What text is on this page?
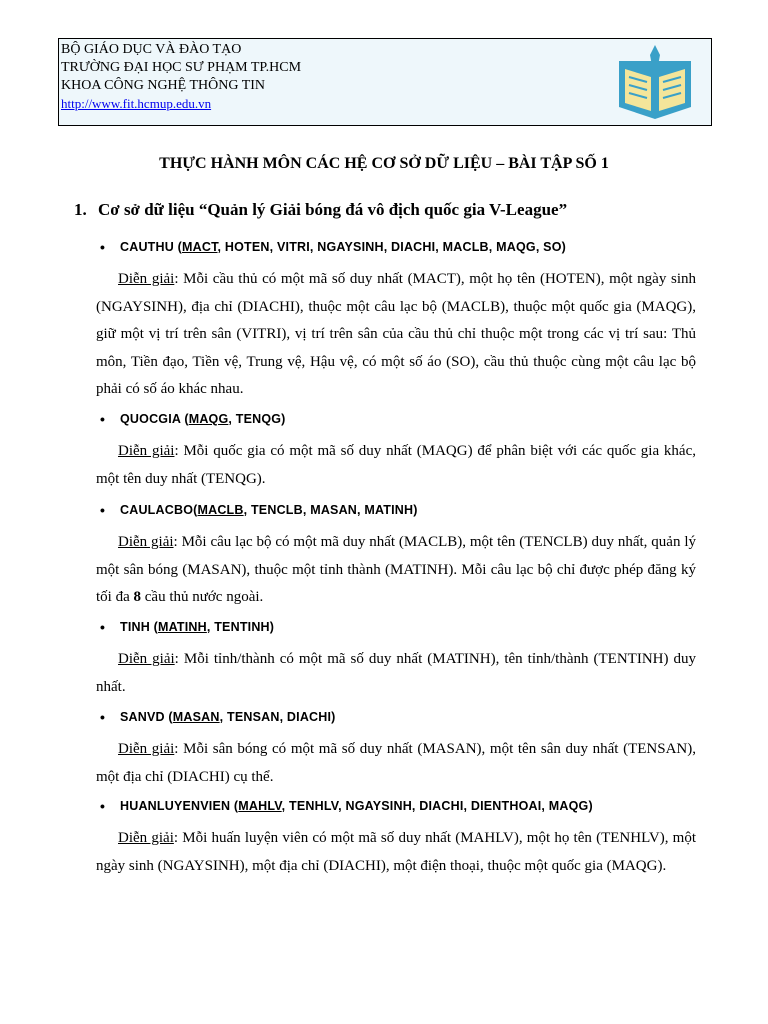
BỘ GIÁO DỤC VÀ ĐÀO TẠO
TRƯỜNG ĐẠI HỌC SƯ PHẠM TP.HCM
KHOA CÔNG NGHỆ THÔNG TIN
http://www.fit.hcmup.edu.vn
THỰC HÀNH MÔN CÁC HỆ CƠ SỞ DỮ LIỆU – BÀI TẬP SỐ 1
1. Cơ sở dữ liệu “Quản lý Giải bóng đá vô địch quốc gia V-League”
• CAUTHU (MACT, HOTEN, VITRI, NGAYSINH, DIACHI, MACLB, MAQG, SO)
Diễn giải: Mỗi cầu thủ có một mã số duy nhất (MACT), một họ tên (HOTEN), một ngày sinh (NGAYSINH), địa chỉ (DIACHI), thuộc một câu lạc bộ (MACLB), thuộc một quốc gia (MAQG), giữ một vị trí trên sân (VITRI), vị trí trên sân của cầu thủ chỉ thuộc một trong các vị trí sau: Thủ môn, Tiền đạo, Tiền vệ, Trung vệ, Hậu vệ, có một số áo (SO), cầu thủ thuộc cùng một câu lạc bộ phải có số áo khác nhau.
• QUOCGIA (MAQG, TENQG)
Diễn giải: Mỗi quốc gia có một mã số duy nhất (MAQG) để phân biệt với các quốc gia khác, một tên duy nhất (TENQG).
• CAULACBO(MACLB, TENCLB, MASAN, MATINH)
Diễn giải: Mỗi câu lạc bộ có một mã duy nhất (MACLB), một tên (TENCLB) duy nhất, quản lý một sân bóng (MASAN), thuộc một tỉnh thành (MATINH). Mỗi câu lạc bộ chỉ được phép đăng ký tối đa 8 cầu thủ nước ngoài.
• TINH (MATINH, TENTINH)
Diễn giải: Mỗi tỉnh/thành có một mã số duy nhất (MATINH), tên tỉnh/thành (TENTINH) duy nhất.
• SANVD (MASAN, TENSAN, DIACHI)
Diễn giải: Mỗi sân bóng có một mã số duy nhất (MASAN), một tên sân duy nhất (TENSAN), một địa chỉ (DIACHI) cụ thể.
• HUANLUYENVIEN (MAHLV, TENHLV, NGAYSINH, DIACHI, DIENTHOAI, MAQG)
Diễn giải: Mỗi huấn luyện viên có một mã số duy nhất (MAHLV), một họ tên (TENHLV), một ngày sinh (NGAYSINH), một địa chỉ (DIACHI), một điện thoại, thuộc một quốc gia (MAQG).
